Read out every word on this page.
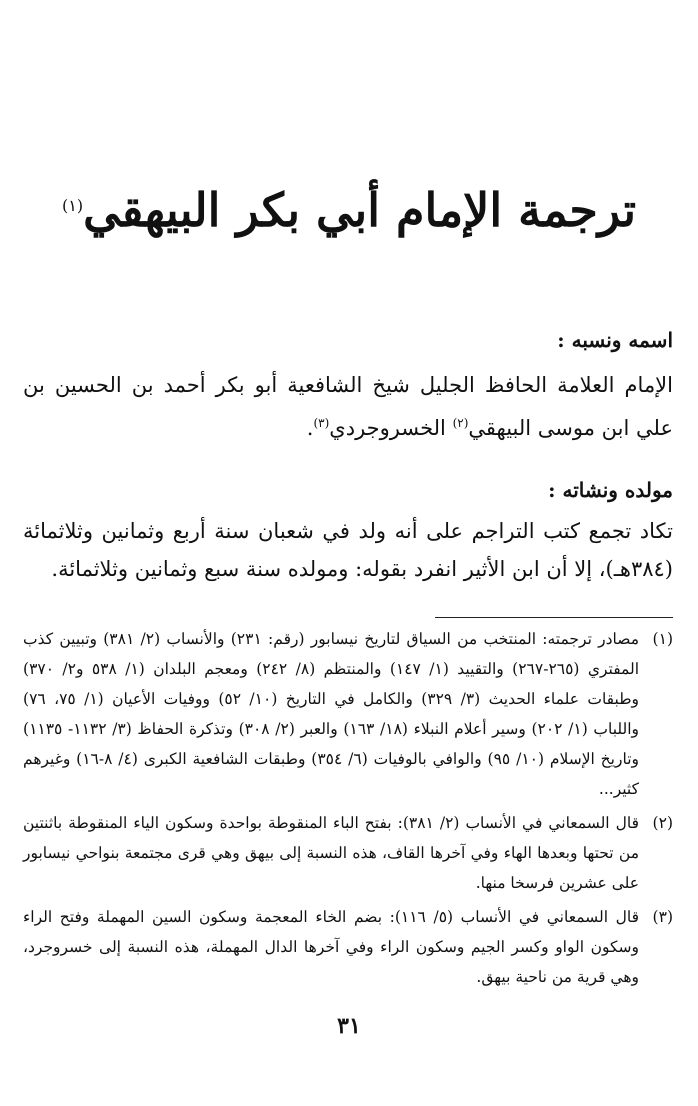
ترجمة الإمام أبي بكر البيهقي$^{(١)}$
اسمه ونسبه :
الإمام العلامة الحافظ الجليل شيخ الشافعية أبو بكر أحمد بن الحسين بن علي ابن موسى البيهقي$^{(٢)}$ الخسروجردي$^{(٣)}$.
مولده ونشاته :
تكاد تجمع كتب التراجم على أنه ولد في شعبان سنة أربع وثمانين وثلاثمائة (٣٨٤هـ)، إلا أن ابن الأثير انفرد بقوله: ومولده سنة سبع وثمانين وثلاثمائة.
(١)
مصادر ترجمته: المنتخب من السياق لتاريخ نيسابور (رقم: ٢٣١) والأنساب (٢/ ٣٨١) وتبيين كذب المفتري (٢٦٥-٢٦٧) والتقييد (١/ ١٤٧) والمنتظم (٨/ ٢٤٢) ومعجم البلدان (١/ ٥٣٨ و٢/ ٣٧٠) وطبقات علماء الحديث (٣/ ٣٢٩) والكامل في التاريخ (١٠/ ٥٢) ووفيات الأعيان (١/ ٧٥، ٧٦) واللباب (١/ ٢٠٢) وسير أعلام النبلاء (١٨/ ١٦٣) والعبر (٢/ ٣٠٨) وتذكرة الحفاظ (٣/ ١١٣٢- ١١٣٥) وتاريخ الإسلام (١٠/ ٩٥) والوافي بالوفيات (٦/ ٣٥٤) وطبقات الشافعية الكبرى (٤/ ٨-١٦) وغيرهم كثير...
(٢)
قال السمعاني في الأنساب (٢/ ٣٨١): بفتح الباء المنقوطة بواحدة وسكون الياء المنقوطة باثنتين من تحتها وبعدها الهاء وفي آخرها القاف، هذه النسبة إلى بيهق وهي قرى مجتمعة بنواحي نيسابور على عشرين فرسخا منها.
(٣)
قال السمعاني في الأنساب (٥/ ١١٦): بضم الخاء المعجمة وسكون السين المهملة وفتح الراء وسكون الواو وكسر الجيم وسكون الراء وفي آخرها الدال المهملة، هذه النسبة إلى خسروجرد، وهي قرية من ناحية بيهق.
٣١
